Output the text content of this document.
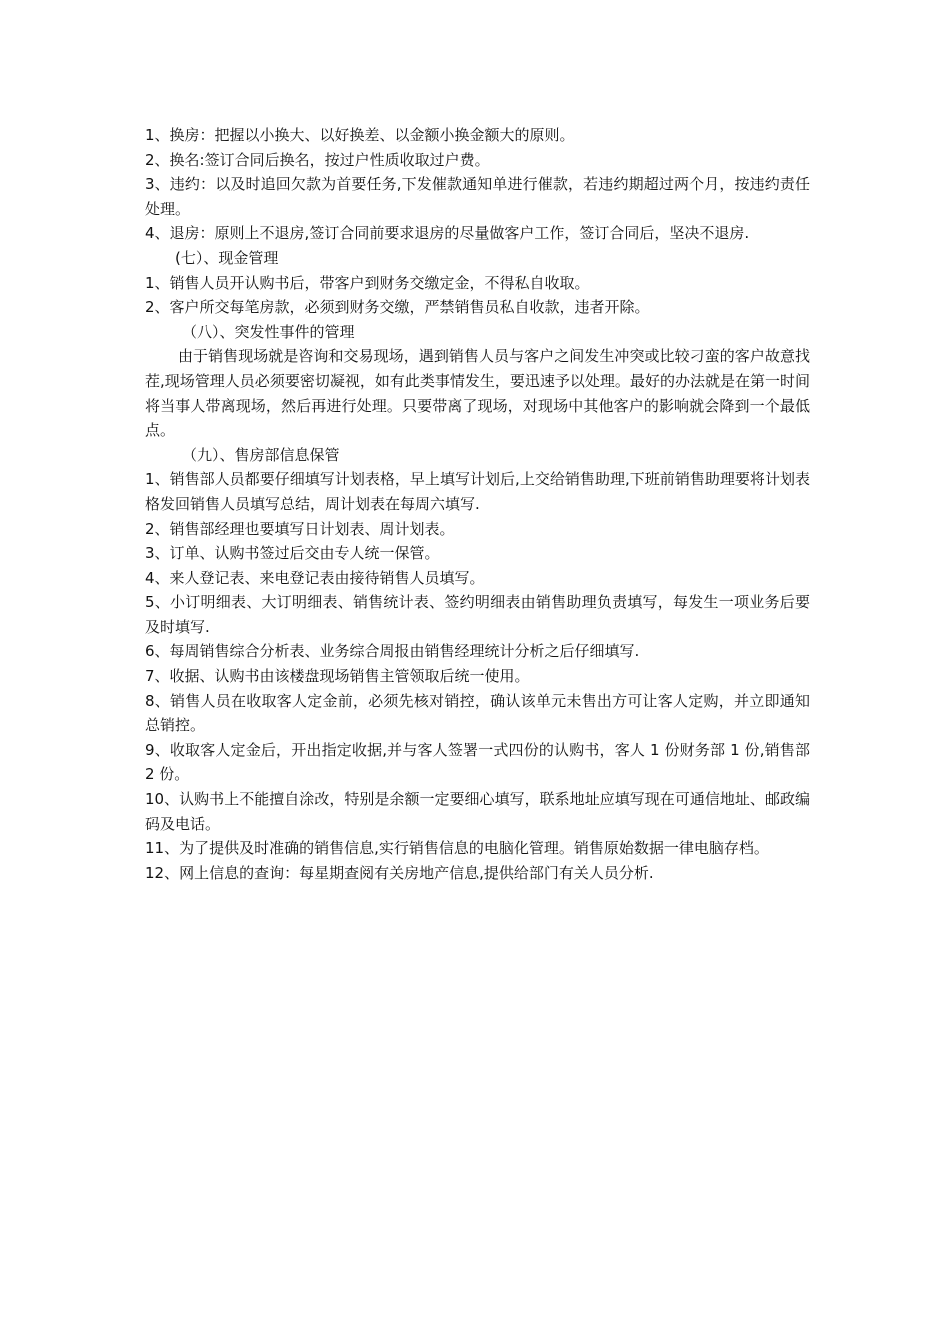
1、换房：把握以小换大、以好换差、以金额小换金额大的原则。

2、换名:签订合同后换名，按过户性质收取过户费。

3、违约：以及时追回欠款为首要任务,下发催款通知单进行催款，若违约期超过两个月，按违约责任处理。

4、退房：原则上不退房,签订合同前要求退房的尽量做客户工作，签订合同后，坚决不退房.

(七）、现金管理

1、销售人员开认购书后，带客户到财务交缴定金，不得私自收取。

2、客户所交每笔房款，必须到财务交缴，严禁销售员私自收款，违者开除。

（八）、突发性事件的管理

由于销售现场就是咨询和交易现场，遇到销售人员与客户之间发生冲突或比较刁蛮的客户故意找茬,现场管理人员必须要密切凝视，如有此类事情发生，要迅速予以处理。最好的办法就是在第一时间将当事人带离现场，然后再进行处理。只要带离了现场，对现场中其他客户的影响就会降到一个最低点。

（九）、售房部信息保管

1、销售部人员都要仔细填写计划表格，早上填写计划后,上交给销售助理,下班前销售助理要将计划表格发回销售人员填写总结，周计划表在每周六填写.

2、销售部经理也要填写日计划表、周计划表。

3、订单、认购书签过后交由专人统一保管。

4、来人登记表、来电登记表由接待销售人员填写。

5、小订明细表、大订明细表、销售统计表、签约明细表由销售助理负责填写，每发生一项业务后要及时填写.

6、每周销售综合分析表、业务综合周报由销售经理统计分析之后仔细填写.

7、收据、认购书由该楼盘现场销售主管领取后统一使用。

8、销售人员在收取客人定金前，必须先核对销控，确认该单元未售出方可让客人定购，并立即通知总销控。

9、收取客人定金后，开出指定收据,并与客人签署一式四份的认购书，客人 1 份财务部 1 份,销售部 2 份。

10、认购书上不能擅自涂改，特别是余额一定要细心填写，联系地址应填写现在可通信地址、邮政编码及电话。

11、为了提供及时准确的销售信息,实行销售信息的电脑化管理。销售原始数据一律电脑存档。

12、网上信息的查询：每星期查阅有关房地产信息,提供给部门有关人员分析.
